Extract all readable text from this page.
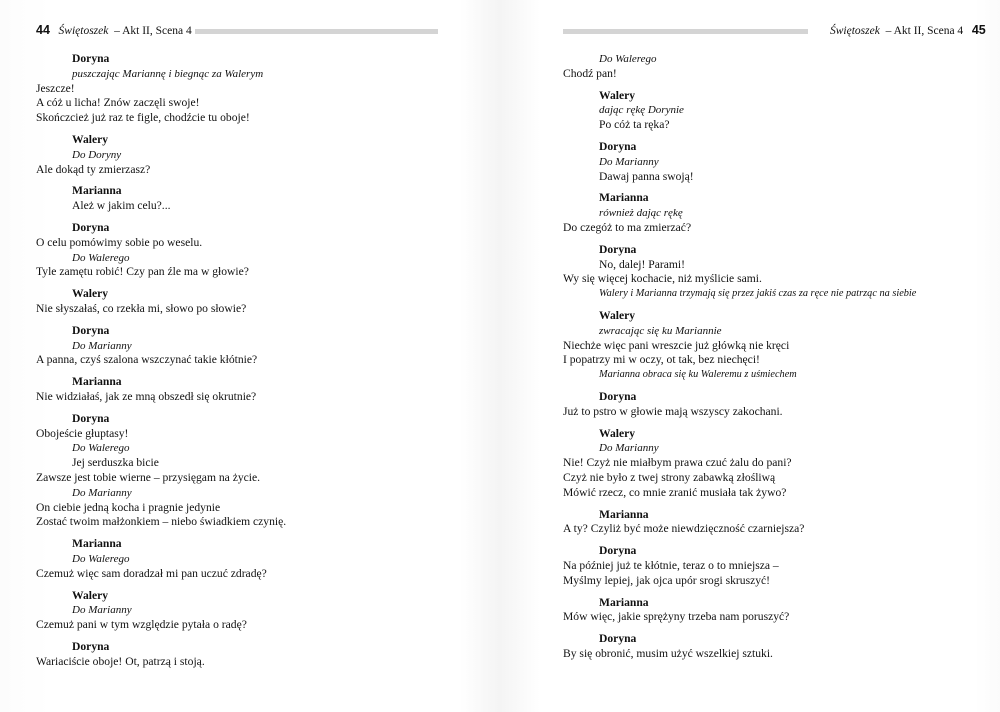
44 Świętoszek – Akt II, Scena 4
Doryna
puszczając Mariannę i biegnąc za Walerym
Jeszcze!
A cóż u licha! Znów zaczęli swoje!
Skończcież już raz te figle, chodźcie tu oboje!
Walery
Do Doryny
Ale dokąd ty zmierzasz?
Marianna
Ależ w jakim celu?...
Doryna
O celu pomówimy sobie po weselu.
Do Walerego
Tyle zamętu robić! Czy pan źle ma w głowie?
Walery
Nie słyszałaś, co rzekła mi, słowo po słowie?
Doryna
Do Marianny
A panna, czyś szalona wszczynać takie kłótnie?
Marianna
Nie widziałaś, jak ze mną obszedł się okrutnie?
Doryna
Obojeście głuptasy!
Do Walerego
Jej serduszka bicie
Zawsze jest tobie wierne – przysięgam na życie.
Do Marianny
On ciebie jedną kocha i pragnie jedynie
Zostać twoim małżonkiem – niebo świadkiem czynię.
Marianna
Do Walerego
Czemuż więc sam doradzał mi pan uczuć zdradę?
Walery
Do Marianny
Czemuż pani w tym względzie pytała o radę?
Doryna
Wariaciście oboje! Ot, patrzą i stoją.
Świętoszek – Akt II, Scena 4 45
Do Walerego
Chodź pan!
Walery
dając rękę Dorynie
Po cóż ta ręka?
Doryna
Do Marianny
Dawaj panna swoją!
Marianna
również dając rękę
Do czegóż to ma zmierzać?
Doryna
No, dalej! Parami!
Wy się więcej kochacie, niż myślicie sami.
Walery i Marianna trzymają się przez jakiś czas za ręce nie patrząc na siebie
Walery
zwracając się ku Mariannie
Niechże więc pani wreszcie już główką nie kręci
I popatrzy mi w oczy, ot tak, bez niechęci!
Marianna obraca się ku Waleremu z uśmiechem
Doryna
Już to pstro w głowie mają wszyscy zakochani.
Walery
Do Marianny
Nie! Czyż nie miałbym prawa czuć żalu do pani?
Czyż nie było z twej strony zabawką złośliwą
Mówić rzecz, co mnie zranić musiała tak żywo?
Marianna
A ty? Czyliż być może niewdzięczność czarniejsza?
Doryna
Na później już te kłótnie, teraz o to mniejsza –
Myślmy lepiej, jak ojca upór srogi skruszyć!
Marianna
Mów więc, jakie sprężyny trzeba nam poruszyć?
Doryna
By się obronić, musim użyć wszelkiej sztuki.
